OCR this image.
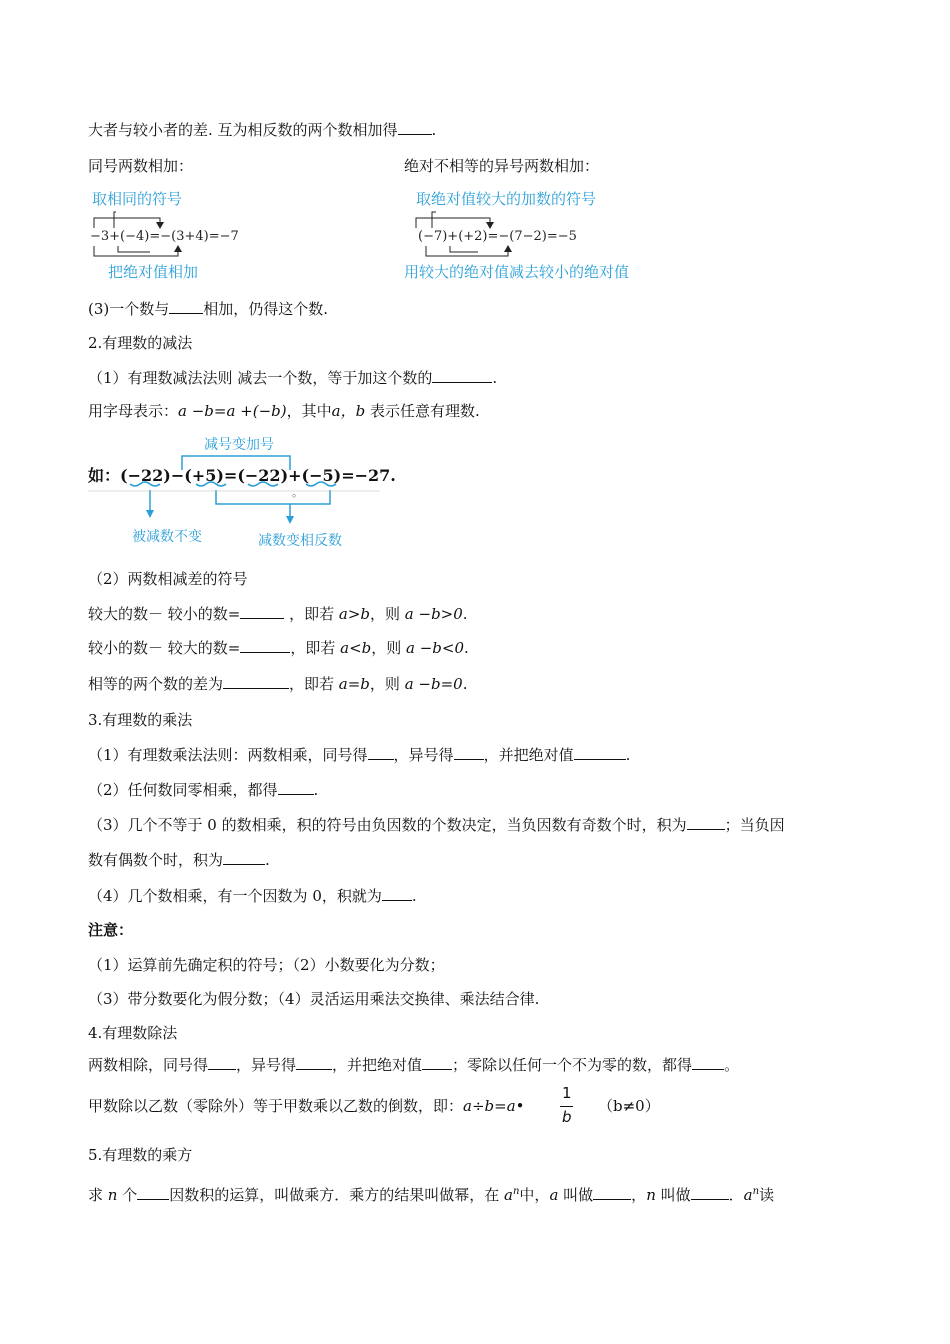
大者与较小者的差. 互为相反数的两个数相加得 .
同号两数相加：	绝对不相等的异号两数相加：
取相同的符号
−3+(−4)=−(3+4)=−7
把绝对值相加
取绝对值较大的加数的符号
(−7)+(+2)=−(7−2)=−5
用较大的绝对值减去较小的绝对值
(3)一个数与 相加，仍得这个数.
2.有理数的减法
（1）有理数减法法则 减去一个数，等于加这个数的	.
用字母表示：a −b=a +(−b)，其中a，b 表示任意有理数.
减号变加号
如：(−22)−(+5)=(−22)+(−5)=−27.
。
被减数不变	减数变相反数
（2）两数相减差的符号
较大的数－ 较小的数=	，即若 a>b，则 a −b>0.
较小的数－ 较大的数=	，即若 a<b，则 a −b<0.
相等的两个数的差为	，即若 a=b，则 a −b=0.
3.有理数的乘法
（1）有理数乘法法则：两数相乘，同号得 ，异号得 ，并把绝对值	.
（2）任何数同零相乘，都得 .
（3）几个不等于 0 的数相乘，积的符号由负因数的个数决定，当负因数有奇数个时，积为	；当负因
数有偶数个时，积为	.
（4）几个数相乘，有一个因数为 0，积就为 .
注意：
（1）运算前先确定积的符号；（2）小数要化为分数；
（3）带分数要化为假分数；（4）灵活运用乘法交换律、乘法结合律.
4.有理数除法
两数相除，同号得 ，异号得 ，并把绝对值 ；零除以任何一个不为零的数，都得 。
甲数除以乙数（零除外）等于甲数乘以乙数的倒数，即：a÷b=a•
1
b
（b≠0）
5.有理数的乘方
求 n 个 因数积的运算，叫做乘方．乘方的结果叫做幂，在 $a^n$中，a 叫做	，n 叫做	．$a^n$读
